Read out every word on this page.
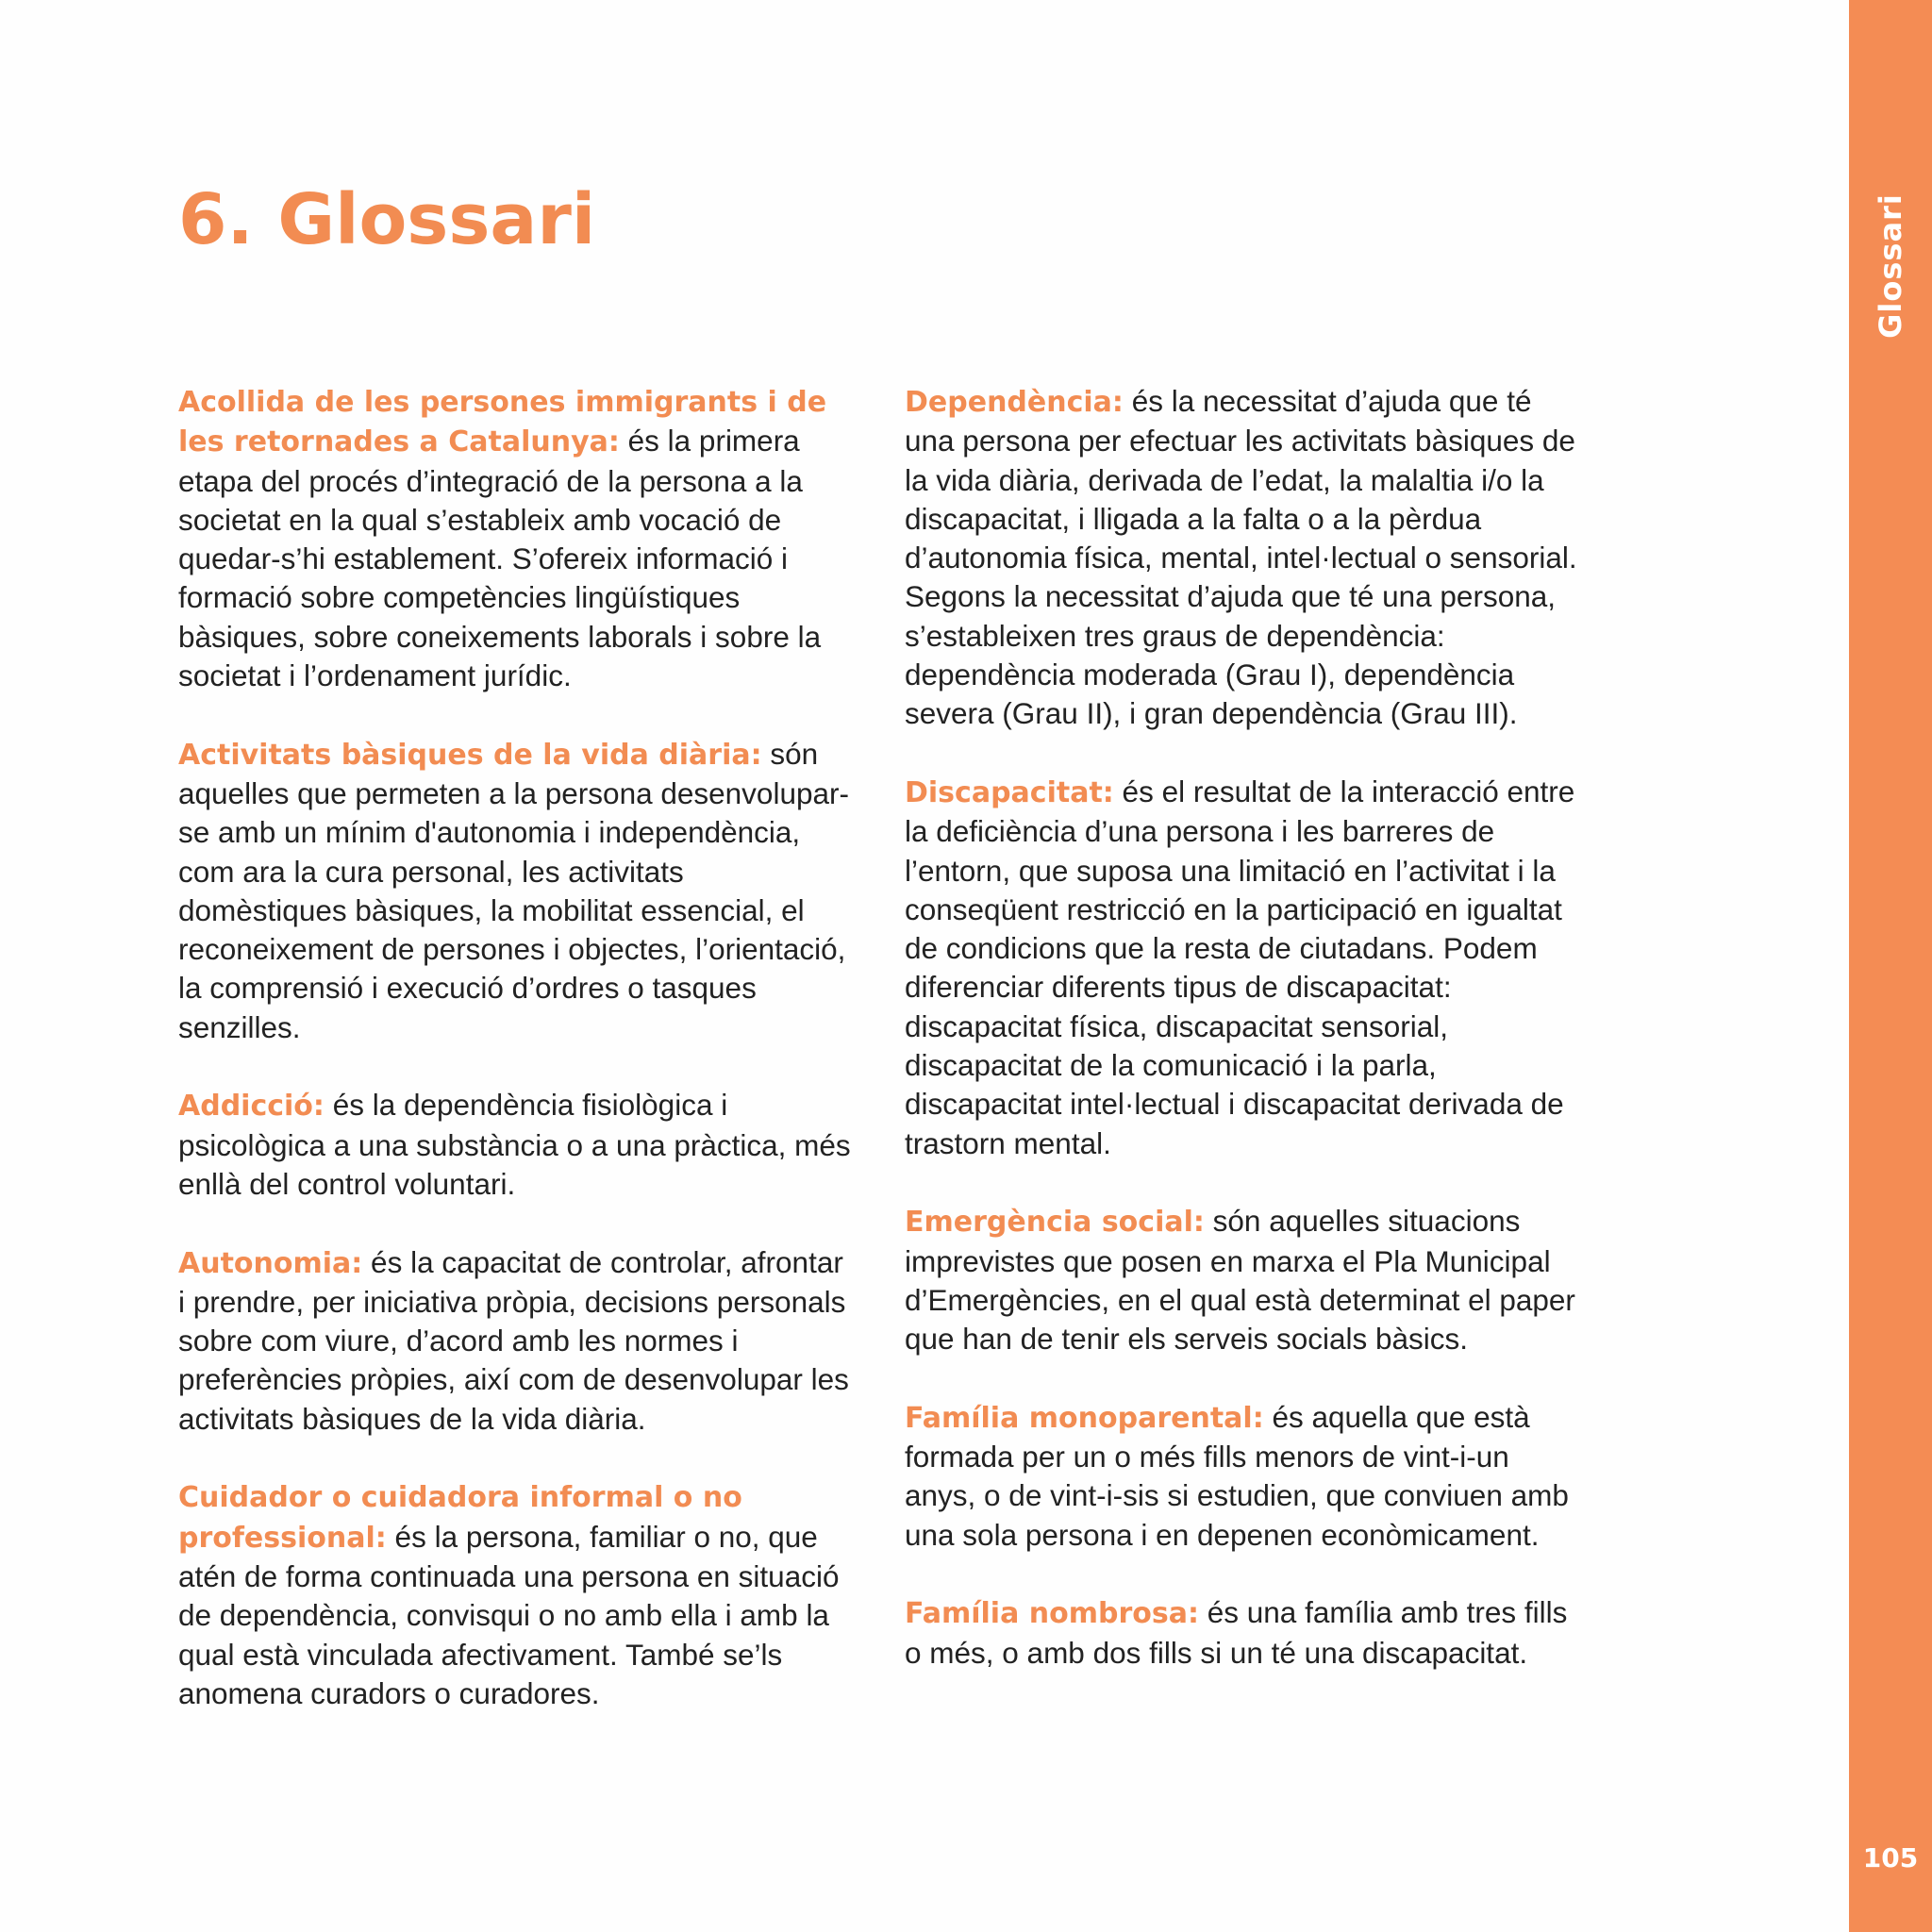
6. Glossari

Acollida de les persones immigrants i de les retornades a Catalunya: és la primera etapa del procés d’integració de la persona a la societat en la qual s’estableix amb vocació de quedar-s’hi establement. S’ofereix informació i formació sobre competències lingüístiques bàsiques, sobre coneixements laborals i sobre la societat i l’ordenament jurídic.

Activitats bàsiques de la vida diària: són aquelles que permeten a la persona desenvolupar-se amb un mínim d'autonomia i independència, com ara la cura personal, les activitats domèstiques bàsiques, la mobilitat essencial, el reconeixement de persones i objectes, l’orientació, la comprensió i execució d’ordres o tasques senzilles.

Addicció: és la dependència fisiològica i psicològica a una substància o a una pràctica, més enllà del control voluntari.

Autonomia: és la capacitat de controlar, afrontar i prendre, per iniciativa pròpia, decisions personals sobre com viure, d’acord amb les normes i preferències pròpies, així com de desenvolupar les activitats bàsiques de la vida diària.

Cuidador o cuidadora informal o no professional: és la persona, familiar o no, que atén de forma continuada una persona en situació de dependència, convisqui o no amb ella i amb la qual està vinculada afectivament. També se’ls anomena curadors o curadores.

Dependència: és la necessitat d’ajuda que té una persona per efectuar les activitats bàsiques de la vida diària, derivada de l’edat, la malaltia i/o la discapacitat, i lligada a la falta o a la pèrdua d’autonomia física, mental, intel·lectual o sensorial. Segons la necessitat d’ajuda que té una persona, s’estableixen tres graus de dependència: dependència moderada (Grau I), dependència severa (Grau II), i gran dependència (Grau III).

Discapacitat: és el resultat de la interacció entre la deficiència d’una persona i les barreres de l’entorn, que suposa una limitació en l’activitat i la conseqüent restricció en la participació en igualtat de condicions que la resta de ciutadans. Podem diferenciar diferents tipus de discapacitat: discapacitat física, discapacitat sensorial, discapacitat de la comunicació i la parla, discapacitat intel·lectual i discapacitat derivada de trastorn mental.

Emergència social: són aquelles situacions imprevistes que posen en marxa el Pla Municipal d’Emergències, en el qual està determinat el paper que han de tenir els serveis socials bàsics.

Família monoparental: és aquella que està formada per un o més fills menors de vint-i-un anys, o de vint-i-sis si estudien, que conviuen amb una sola persona i en depenen econòmicament.

Família nombrosa: és una família amb tres fills o més, o amb dos fills si un té una discapacitat.

Glossari
105
